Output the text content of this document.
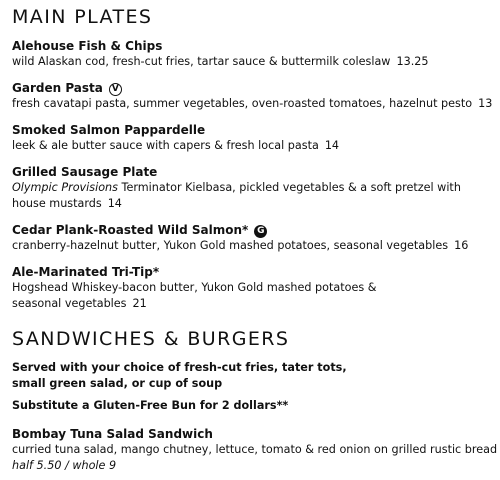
MAIN PLATES
Alehouse Fish & Chips
wild Alaskan cod, fresh-cut fries, tartar sauce & buttermilk coleslaw 13.25
Garden Pasta V
fresh cavatapi pasta, summer vegetables, oven-roasted tomatoes, hazelnut pesto 13
Smoked Salmon Pappardelle
leek & ale butter sauce with capers & fresh local pasta 14
Grilled Sausage Plate
Olympic Provisions Terminator Kielbasa, pickled vegetables & a soft pretzel with
house mustards 14
Cedar Plank-Roasted Wild Salmon* G
cranberry-hazelnut butter, Yukon Gold mashed potatoes, seasonal vegetables 16
Ale-Marinated Tri-Tip*
Hogshead Whiskey-bacon butter, Yukon Gold mashed potatoes &
seasonal vegetables 21
SANDWICHES & BURGERS
Served with your choice of fresh-cut fries, tater tots,
small green salad, or cup of soup
Substitute a Gluten-Free Bun for 2 dollars**
Bombay Tuna Salad Sandwich
curried tuna salad, mango chutney, lettuce, tomato & red onion on grilled rustic bread
half 5.50 / whole 9
